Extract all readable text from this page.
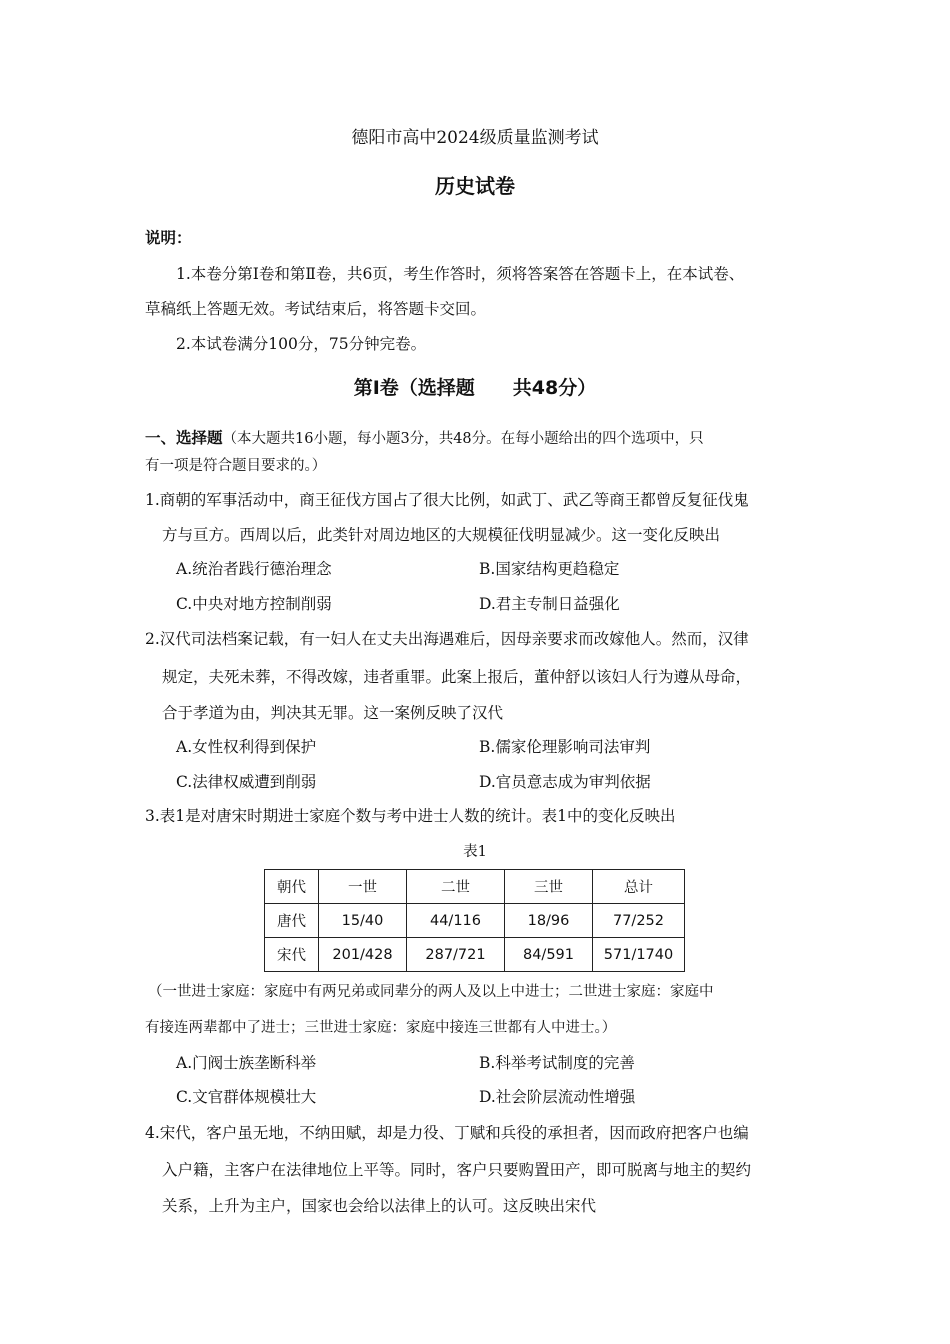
德阳市高中2024级质量监测考试
历史试卷
说明：
1.本卷分第Ⅰ卷和第Ⅱ卷，共6页，考生作答时，须将答案答在答题卡上，在本试卷、
草稿纸上答题无效。考试结束后，将答题卡交回。
2.本试卷满分100分，75分钟完卷。
第Ⅰ卷（选择题　　共48分）
一、选择题（本大题共16小题，每小题3分，共48分。在每小题给出的四个选项中，只
有一项是符合题目要求的。）
1.商朝的军事活动中，商王征伐方国占了很大比例，如武丁、武乙等商王都曾反复征伐鬼
方与亘方。西周以后，此类针对周边地区的大规模征伐明显减少。这一变化反映出
A.统治者践行德治理念	B.国家结构更趋稳定
C.中央对地方控制削弱	D.君主专制日益强化
2.汉代司法档案记载，有一妇人在丈夫出海遇难后，因母亲要求而改嫁他人。然而，汉律
规定，夫死未葬，不得改嫁，违者重罪。此案上报后，董仲舒以该妇人行为遵从母命，
合于孝道为由，判决其无罪。这一案例反映了汉代
A.女性权利得到保护	B.儒家伦理影响司法审判
C.法律权威遭到削弱	D.官员意志成为审判依据
3.表1是对唐宋时期进士家庭个数与考中进士人数的统计。表1中的变化反映出
表1
朝代	一世	二世	三世	总计
唐代	15/40	44/116	18/96	77/252
宋代	201/428	287/721	84/591	571/1740
（一世进士家庭：家庭中有两兄弟或同辈分的两人及以上中进士；二世进士家庭：家庭中
有接连两辈都中了进士；三世进士家庭：家庭中接连三世都有人中进士。）
A.门阀士族垄断科举	B.科举考试制度的完善
C.文官群体规模壮大	D.社会阶层流动性增强
4.宋代，客户虽无地，不纳田赋，却是力役、丁赋和兵役的承担者，因而政府把客户也编
入户籍，主客户在法律地位上平等。同时，客户只要购置田产，即可脱离与地主的契约
关系，上升为主户，国家也会给以法律上的认可。这反映出宋代
